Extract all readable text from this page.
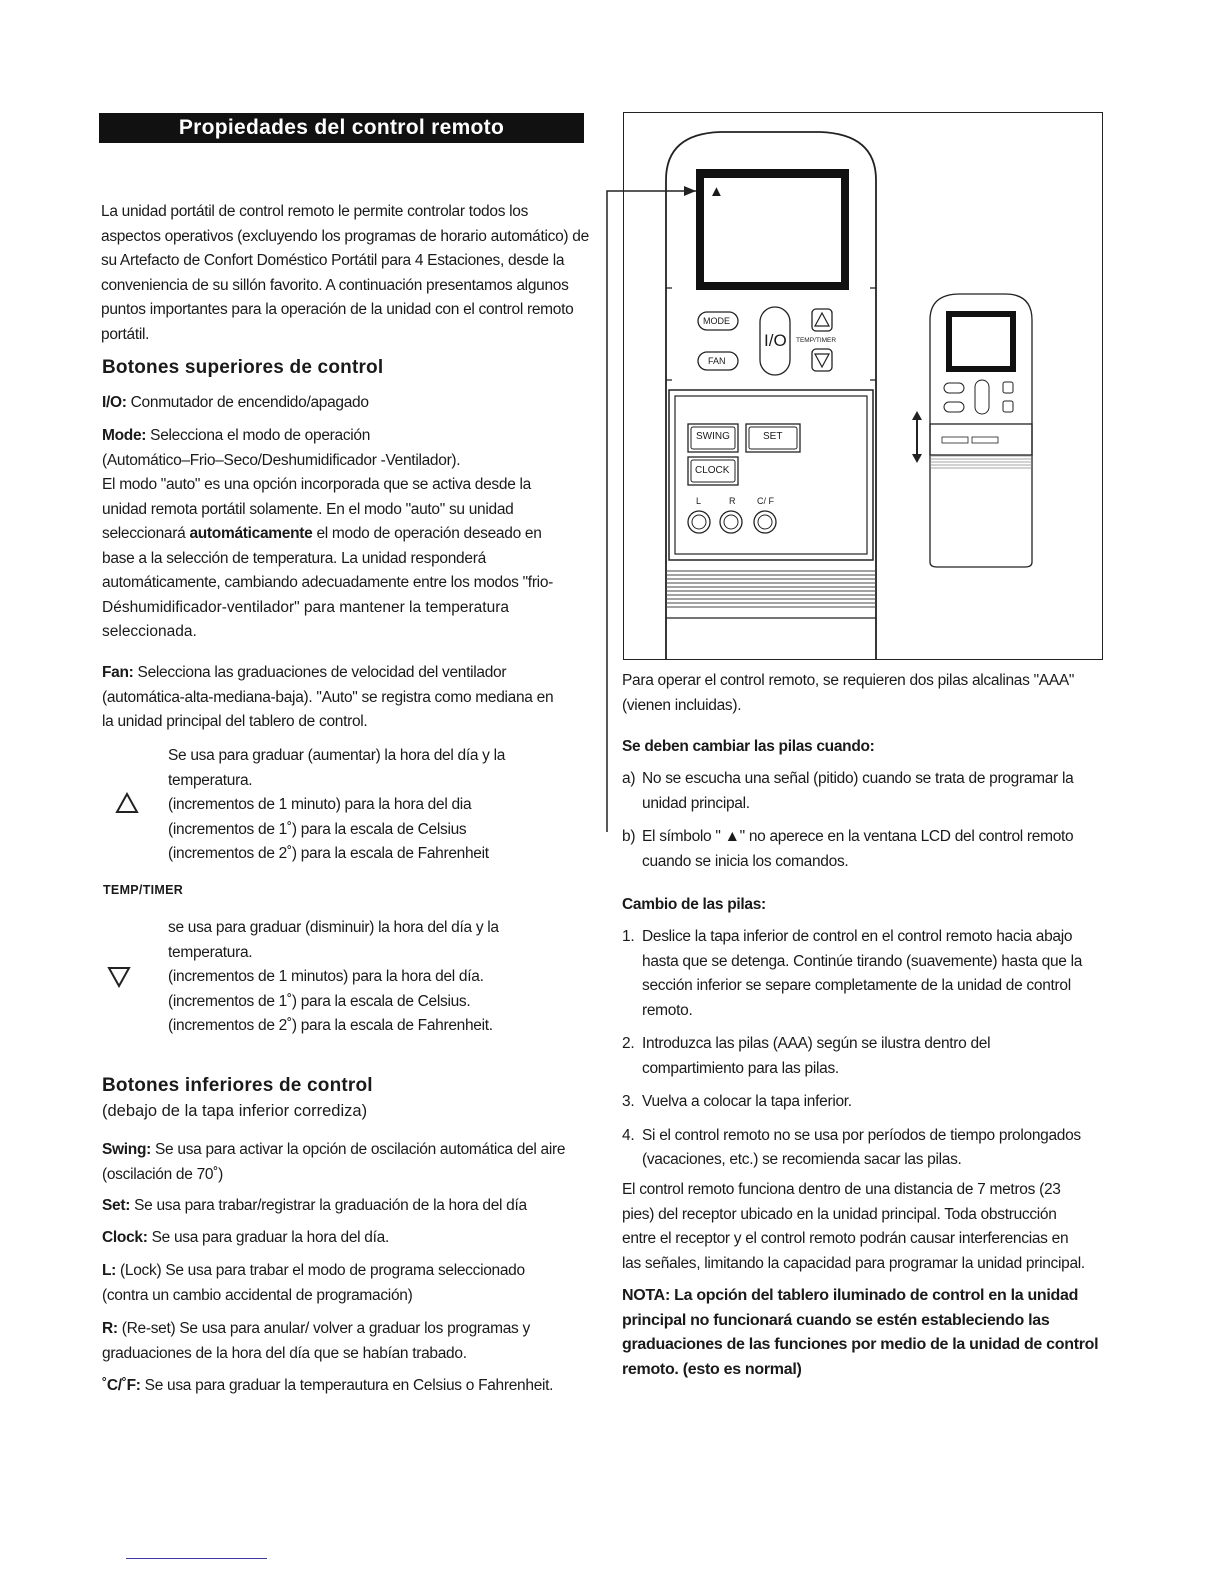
Propiedades del control remoto
La unidad portátil de control remoto le permite controlar todos los aspectos operativos (excluyendo los programas de horario automático) de su Artefacto de Confort Doméstico Portátil para 4 Estaciones, desde la conveniencia de su sillón favorito. A continuación presentamos algunos puntos importantes para la operación de la unidad con el control remoto portátil.
Botones superiores de control
I/O: Conmutador de encendido/apagado
Mode: Selecciona el modo de operación
(Automático–Frio–Seco/Deshumidificador -Ventilador).
El modo "auto" es una opción incorporada que se activa desde la
unidad remota portátil solamente. En el modo "auto" su unidad
seleccionará automáticamente el modo de operación deseado en
base a la selección de temperatura. La unidad responderá
automáticamente, cambiando adecuadamente entre los modos "frio-
Déshumidificador-ventilador" para mantener la temperatura
seleccionada.
Fan: Selecciona las graduaciones de velocidad del ventilador
(automática-alta-mediana-baja). "Auto" se registra como mediana en
la unidad principal del tablero de control.
Se usa para graduar (aumentar) la hora del día y la
temperatura.
(incrementos de 1 minuto) para la hora del dia
(incrementos de 1˚) para la escala de Celsius
(incrementos de 2˚) para la escala de Fahrenheit
TEMP/TIMER
se usa para graduar (disminuir) la hora del día y la
temperatura.
(incrementos de 1 minutos) para la hora del día.
(incrementos de 1˚) para la escala de Celsius.
(incrementos de 2˚) para la escala de Fahrenheit.
Botones inferiores de control
(debajo de la tapa inferior corrediza)
Swing: Se usa para activar la opción de oscilación automática del aire
(oscilación de 70˚)
Set: Se usa para trabar/registrar la graduación de la hora del día
Clock: Se usa para graduar la hora del día.
L: (Lock) Se usa para trabar el modo de programa seleccionado
(contra un cambio accidental de programación)
R: (Re-set) Se usa para anular/ volver a graduar los programas y
graduaciones de la hora del día que se habían trabado.
˚C/˚F: Se usa para graduar la temperautura en Celsius o Fahrenheit.
▲
MODE
FAN
I/O TEMP/TIMER
SWING	SET
CLOCK
L	R C/ F
Para operar el control remoto, se requieren dos pilas alcalinas "AAA"
(vienen incluidas).
Se deben cambiar las pilas cuando:
a) No se escucha una señal (pitido) cuando se trata de programar la
unidad principal.
b) El símbolo " ▲" no aperece en la ventana LCD del control remoto
cuando se inicia los comandos.
Cambio de las pilas:
1. Deslice la tapa inferior de control en el control remoto hacia abajo
hasta que se detenga. Continúe tirando (suavemente) hasta que la
sección inferior se separe completamente de la unidad de control
remoto.
2. Introduzca las pilas (AAA) según se ilustra dentro del
compartimiento para las pilas.
3. Vuelva a colocar la tapa inferior.
4. Si el control remoto no se usa por períodos de tiempo prolongados
(vacaciones, etc.) se recomienda sacar las pilas.
El control remoto funciona dentro de una distancia de 7 metros (23
pies) del receptor ubicado en la unidad principal. Toda obstrucción
entre el receptor y el control remoto podrán causar interferencias en
las señales, limitando la capacidad para programar la unidad principal.
NOTA: La opción del tablero iluminado de control en la unidad
principal no funcionará cuando se estén estableciendo las
graduaciones de las funciones por medio de la unidad de control
remoto. (esto es normal)
